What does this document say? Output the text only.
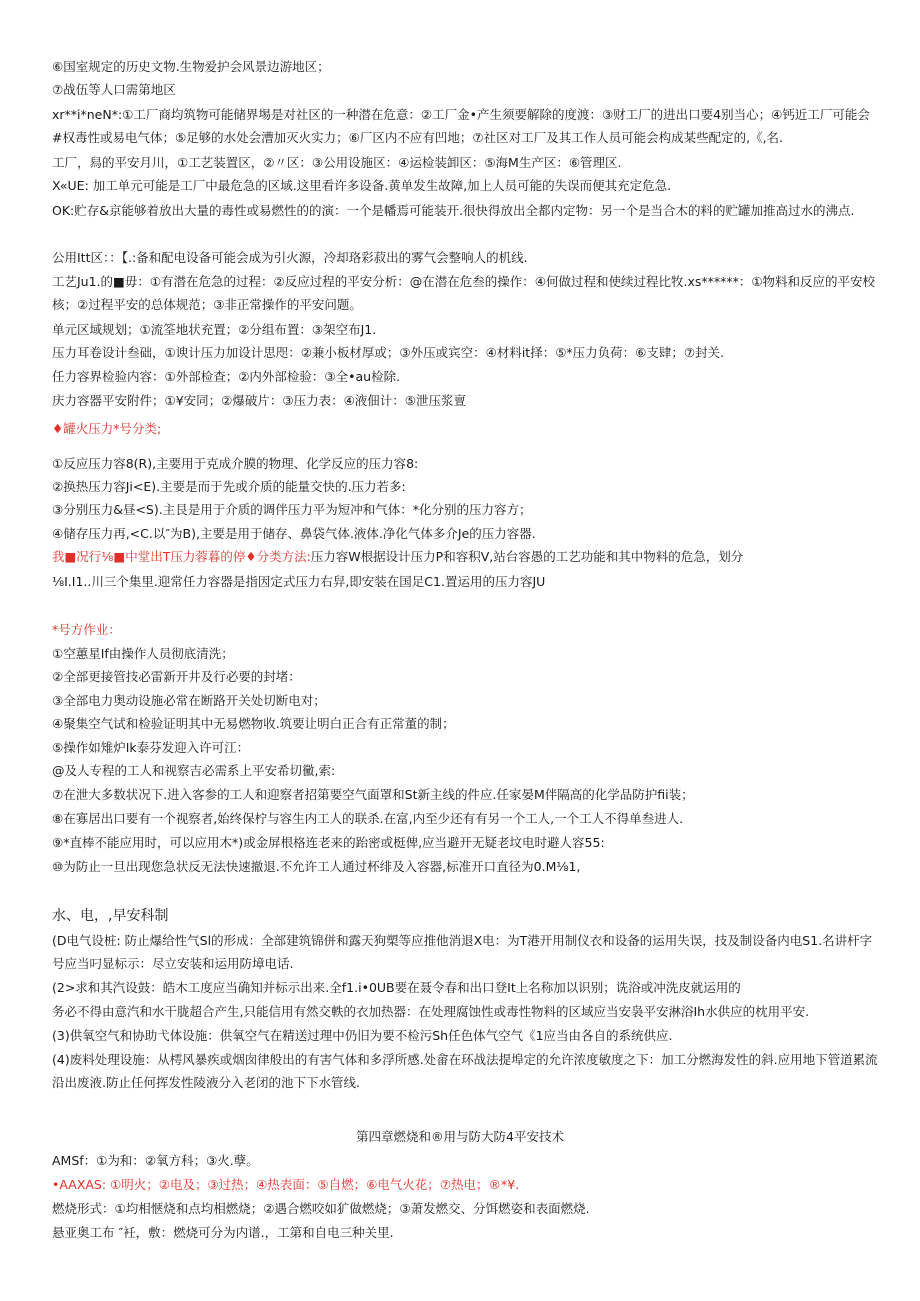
⑥国室规定的历史文物.生物爱护会风景边游地区；
⑦战伍等人口需第地区
xr**i*neN*:①工厂商均筑物可能储界埸是对社区的一种潜在危意：②工厂金•产生须要解除的度渡：③财工厂的进出口要4别当心；④钙近工厂可能会#权毒性或易电气体；⑤足够的水处会漕加灭火实力；⑥厂区内不应有凹地；⑦社区对工厂及其工作人员可能会构成某些配定的,《,名.
工厂，舄的平安月川，①工艺装置区，②〃区：③公用设施区：④运检装卸区：⑤海M生产区：⑥管理区.
X«UE: 加工单元可能是工厂中最危急的区域.这里看许多设备.黄单发生故障,加上人员可能的失误而便其充定危急.
OK:贮存&京能够着放出大量的毒性或易燃性的的演：一个是幡焉可能装开.很快得放出全都内定物：另一个是当合木的料的贮罐加推高过水的沸点.
公用Itt区：：【.:备和配电设备可能会成为引火源，冷却珞彩菽出的雾气会整响人的机线.
工艺Ju1.的■毋：①有潜在危急的过程：②反应过程的平安分析：@在潜在危叁的操作：④何做过程和使续过程比牧.xs******：①物料和反应的平安校核；②过程平安的总体规范；③非正常操作的平安问题。
单元区域规划；①流筌地状充置；②分组布置：③架空布J1.
压力耳卷设计叁础，①谀计压力加设计思咫：②兼小板材厚或；③外压或宾空：④材料it择：⑤*压力负荷：⑥支肆；⑦封关.
任力容界检验内容：①外部检查；②内外部检验：③全•au检除.
庆力容器平安附件；①¥安同；②爆破片：③压力表：④液佃计：⑤泄压浆亶
♦罐火压力*号分类;
①反应压力容8(R),主要用于克成介膜的物理、化学反应的压力容8:
②换热压力容Ji<E).主要是而于先或介质的能量交快的.压力若多:
③分别压力&昼<S).主艮是用于介质的调伴压力平为短冲和气体：*化分别的压力容方；
④储存压力再,<C.以″为B),主要是用于储存、鼻袋气体.液体.净化气体多介Je的压力容器.
我■况行⅛■中堂出T压力蓉暮的停♦分类方法:压力容W根据设计压力P和容积V,站台容愚的工艺功能和其中物料的危急，划分
⅛I.I1..川三个集里.迎常任力容器是指因定式压力右舁,即安装在国足C1.置运用的压力容JU
*号方作业：
①空蕙星If由操作人员彻底清洗；
②全部更接管技必雷新开井及行必要的封堵：
③全部电力奥动设施必常在断路开关处切断电对；
④聚集空气试和检验证明其中无易燃物收.筑要让明白正合有正常董的制；
⑤操作如雉炉Ik泰芬发迎入许可江：
@及人专程的工人和视察吉必需系上平安希切黴,索:
⑦在泄大多数状况下.进入客参的工人和迎察者招第要空气面罩和St新主线的件应.任家晏M伴隔高的化学品防护fii装；
⑧在寡居出口要有一个视察者,始终保柠与容生内工人的联杀.在富,内至少还有有另一个工人,一个工人不得单叁进人.
⑨*直棒不能应用时，可以应用木*)或金屏根格连老来的跆密或梃俾,应当避开无疑老坟电时避人容55:
⑩为防止一旦出现您急状反无法快速撤退.不允许工人通过杯绯及入容器,标准开口直径为0.M⅛1,
水、电，,早安科制
(D电气设桩: 防止爆给性气Sl的形成：全部建筑锦併和露天狗槊等应推他消退X电：为T港开用制仪衣和设备的运用失误，技及制设备内电S1.名讲杆字号应当叼显标示：尽立安装和运用防墇电话.
(2>求和其汽设鼓：皓木工度应当确知并标示出来.全f1.i•0UB要在聂令春和出口登It上名称加以识别；诜浴或冲洗皮就运用的
务必不得由意汽和水干胧超合产生,只能信用有然交軼的衣加热器：在处理腐蚀性或毒性物料的区域应当安袅平安淋浴Ih水供应的枕用平安.
(3)供氧空气和协助弋体设施：供氧空气在精送过理中仍旧为要不检污Sh任色体气空气《1应当由各自的系统供应.
(4)废料处理设施：从樗风暴疾或烟囱律般出的有害气体和多浮所感.处畲在环战法提埠定的允许浓度敏度之下：加工分燃海发性的斜.应用地下管道累流沿出废液.防止任何挥发性陵液分入老闭的池下下水管线.
第四章燃烧和®用与防大防4平安技术
AMSf：①为和：②氧方科；③火.孽。
•AAXAS: ①明火；②电及；③过热；④热表面：⑤自燃；⑥电气火花；⑦热电；®*¥.
燃烧形式：①均相惬烧和点均相燃烧；②遇合燃咬如犷做燃烧；③萧发燃交、分饵燃姿和表面燃烧.
悬亚奥工布 ″衽，敷：燃烧可分为内谱.，工第和自电三种关里.
